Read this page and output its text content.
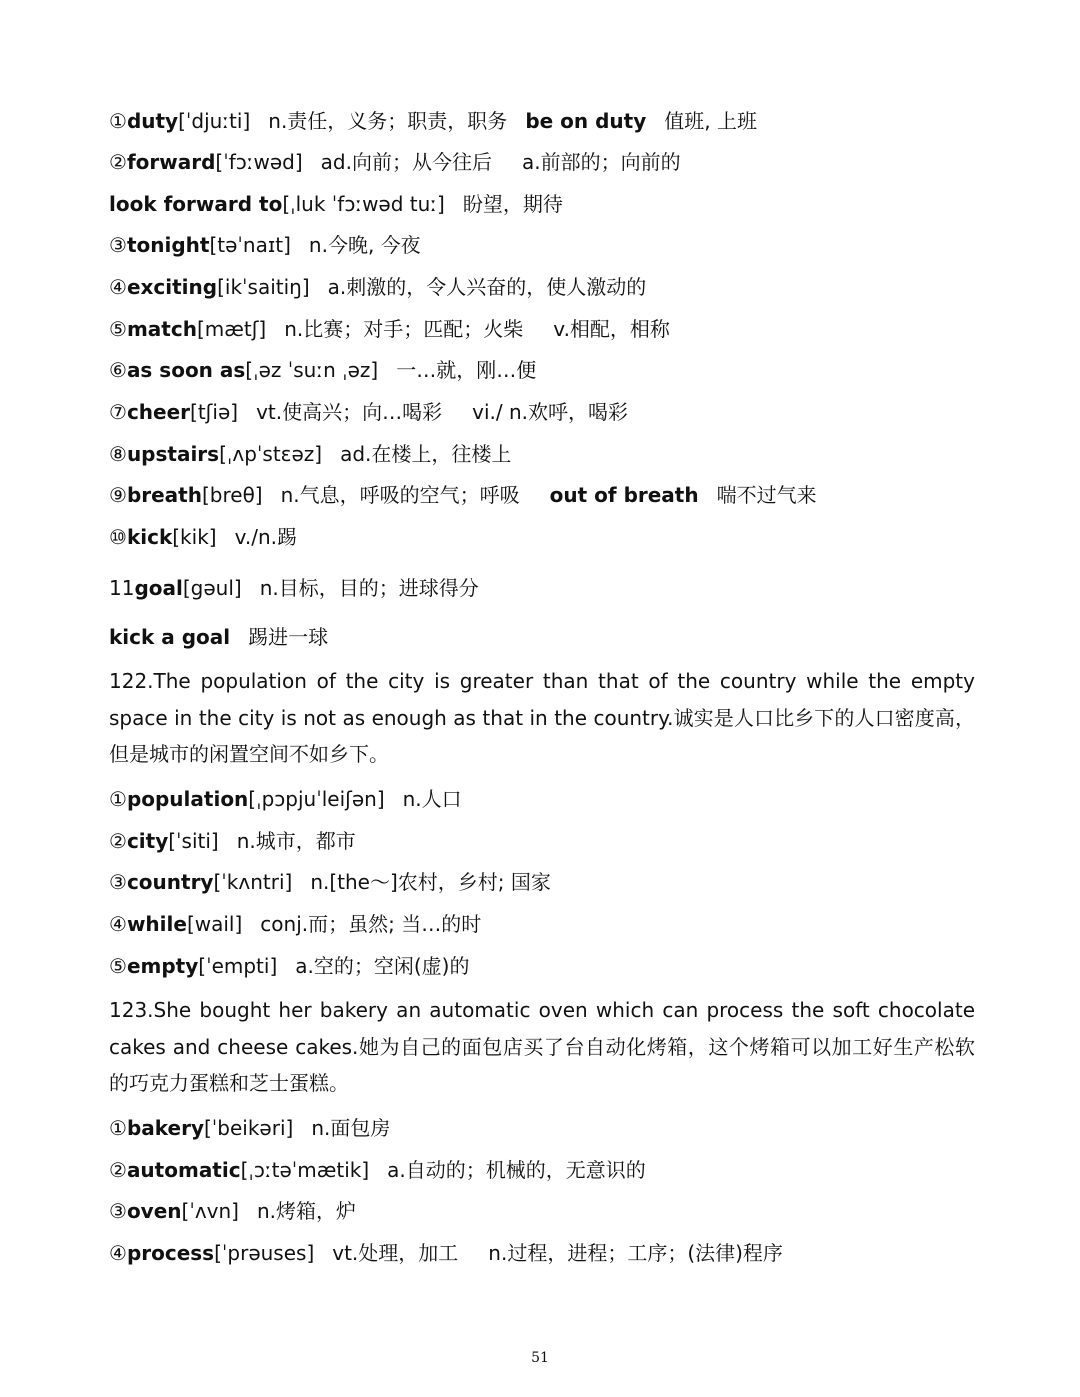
①duty[ˈdjuːti] n.责任，义务；职责，职务 be on duty 值班, 上班
②forward[ˈfɔːwəd] ad.向前；从今往后 a.前部的；向前的
look forward to[ˌluk ˈfɔːwəd tuː] 盼望，期待
③tonight[təˈnaɪt] n.今晚, 今夜
④exciting[ikˈsaitiŋ] a.刺激的，令人兴奋的，使人激动的
⑤match[mætʃ] n.比赛；对手；匹配；火柴 v.相配，相称
⑥as soon as[ˌəz ˈsuːn ˌəz] 一…就，刚…便
⑦cheer[tʃiə] vt.使高兴；向…喝彩 vi./ n.欢呼，喝彩
⑧upstairs[ˌʌpˈstɛəz] ad.在楼上，往楼上
⑨breath[breθ] n.气息，呼吸的空气；呼吸 out of breath 喘不过气来
⑩kick[kik] v./n.踢
11goal[gəul] n.目标，目的；进球得分
kick a goal 踢进一球
122.The population of the city is greater than that of the country while the empty space in the city is not as enough as that in the country.诚实是人口比乡下的人口密度高，但是城市的闲置空间不如乡下。
①population[ˌpɔpjuˈleiʃən] n.人口
②city[ˈsiti] n.城市，都市
③country[ˈkʌntri] n.[the～]农村，乡村; 国家
④while[wail] conj.而；虽然; 当…的时
⑤empty[ˈempti] a.空的；空闲(虚)的
123.She bought her bakery an automatic oven which can process the soft chocolate cakes and cheese cakes.她为自己的面包店买了台自动化烤箱，这个烤箱可以加工好生产松软的巧克力蛋糕和芝士蛋糕。
①bakery[ˈbeikəri] n.面包房
②automatic[ˌɔːtəˈmætik] a.自动的；机械的，无意识的
③oven[ˈʌvn] n.烤箱，炉
④process[ˈprəuses] vt.处理，加工 n.过程，进程；工序；(法律)程序
51
